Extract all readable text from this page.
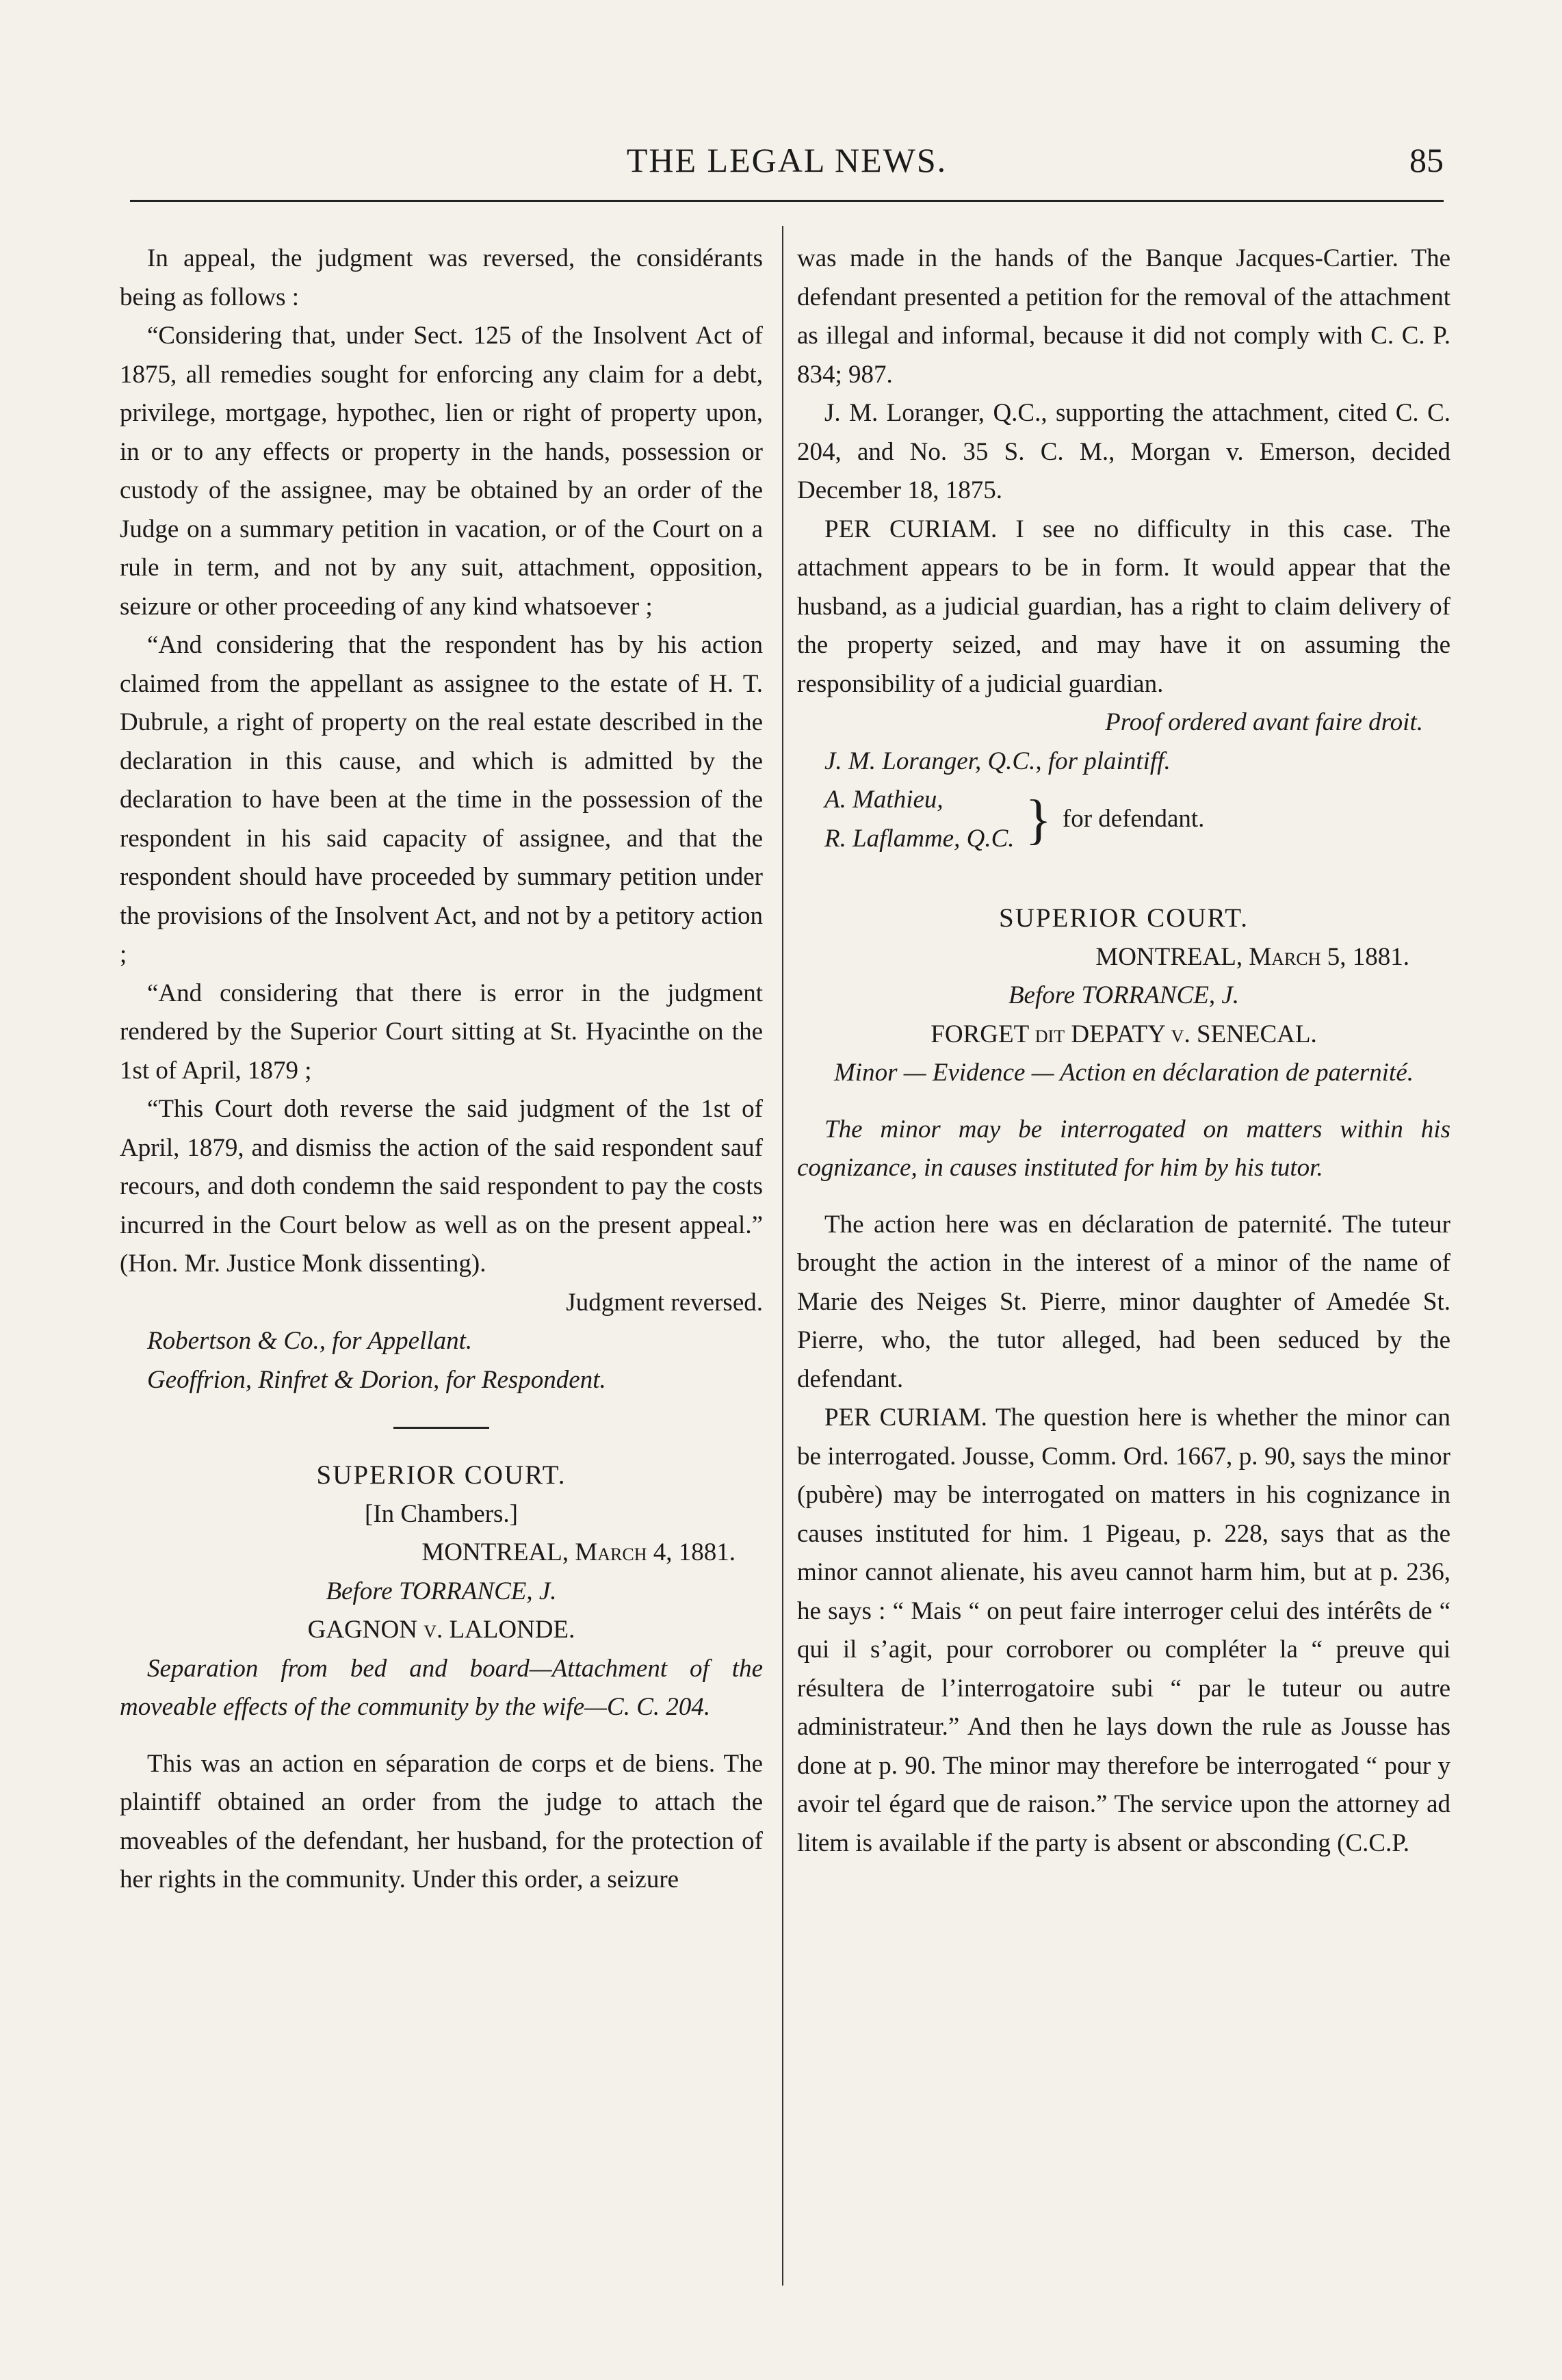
THE LEGAL NEWS.	85

In appeal, the judgment was reversed, the considérants being as follows :

“Considering that, under Sect. 125 of the Insolvent Act of 1875, all remedies sought for enforcing any claim for a debt, privilege, mortgage, hypothec, lien or right of property upon, in or to any effects or property in the hands, possession or custody of the assignee, may be obtained by an order of the Judge on a summary petition in vacation, or of the Court on a rule in term, and not by any suit, attachment, opposition, seizure or other proceeding of any kind whatsoever ;

“And considering that the respondent has by his action claimed from the appellant as assignee to the estate of H. T. Dubrule, a right of property on the real estate described in the declaration in this cause, and which is admitted by the declaration to have been at the time in the possession of the respondent in his said capacity of assignee, and that the respondent should have proceeded by summary petition under the provisions of the Insolvent Act, and not by a petitory action ;

“And considering that there is error in the judgment rendered by the Superior Court sitting at St. Hyacinthe on the 1st of April, 1879 ;

“This Court doth reverse the said judgment of the 1st of April, 1879, and dismiss the action of the said respondent sauf recours, and doth condemn the said respondent to pay the costs incurred in the Court below as well as on the present appeal.” (Hon. Mr. Justice Monk dissenting).

Judgment reversed.

Robertson & Co., for Appellant.

Geoffrion, Rinfret & Dorion, for Respondent.

SUPERIOR COURT.

[In Chambers.]

MONTREAL, March 4, 1881.

Before TORRANCE, J.

GAGNON v. LALONDE.

Separation from bed and board—Attachment of the moveable effects of the community by the wife—C. C. 204.

This was an action en séparation de corps et de biens. The plaintiff obtained an order from the judge to attach the moveables of the defendant, her husband, for the protection of her rights in the community. Under this order, a seizure

was made in the hands of the Banque Jacques-Cartier. The defendant presented a petition for the removal of the attachment as illegal and informal, because it did not comply with C. C. P. 834; 987.

J. M. Loranger, Q.C., supporting the attachment, cited C. C. 204, and No. 35 S. C. M., Morgan v. Emerson, decided December 18, 1875.

PER CURIAM. I see no difficulty in this case. The attachment appears to be in form. It would appear that the husband, as a judicial guardian, has a right to claim delivery of the property seized, and may have it on assuming the responsibility of a judicial guardian.

Proof ordered avant faire droit.

J. M. Loranger, Q.C., for plaintiff.

A. Mathieu,
R. Laflamme, Q.C. } for defendant.

SUPERIOR COURT.

MONTREAL, March 5, 1881.

Before TORRANCE, J.

FORGET dit DEPATY v. SENECAL.

Minor — Evidence — Action en déclaration de paternité.

The minor may be interrogated on matters within his cognizance, in causes instituted for him by his tutor.

The action here was en déclaration de paternité. The tuteur brought the action in the interest of a minor of the name of Marie des Neiges St. Pierre, minor daughter of Amedée St. Pierre, who, the tutor alleged, had been seduced by the defendant.

PER CURIAM. The question here is whether the minor can be interrogated. Jousse, Comm. Ord. 1667, p. 90, says the minor (pubère) may be interrogated on matters in his cognizance in causes instituted for him. 1 Pigeau, p. 228, says that as the minor cannot alienate, his aveu cannot harm him, but at p. 236, he says : “ Mais “ on peut faire interroger celui des intérêts de “ qui il s’agit, pour corroborer ou compléter la “ preuve qui résultera de l’interrogatoire subi “ par le tuteur ou autre administrateur.” And then he lays down the rule as Jousse has done at p. 90. The minor may therefore be interrogated “ pour y avoir tel égard que de raison.” The service upon the attorney ad litem is available if the party is absent or absconding (C.C.P.
